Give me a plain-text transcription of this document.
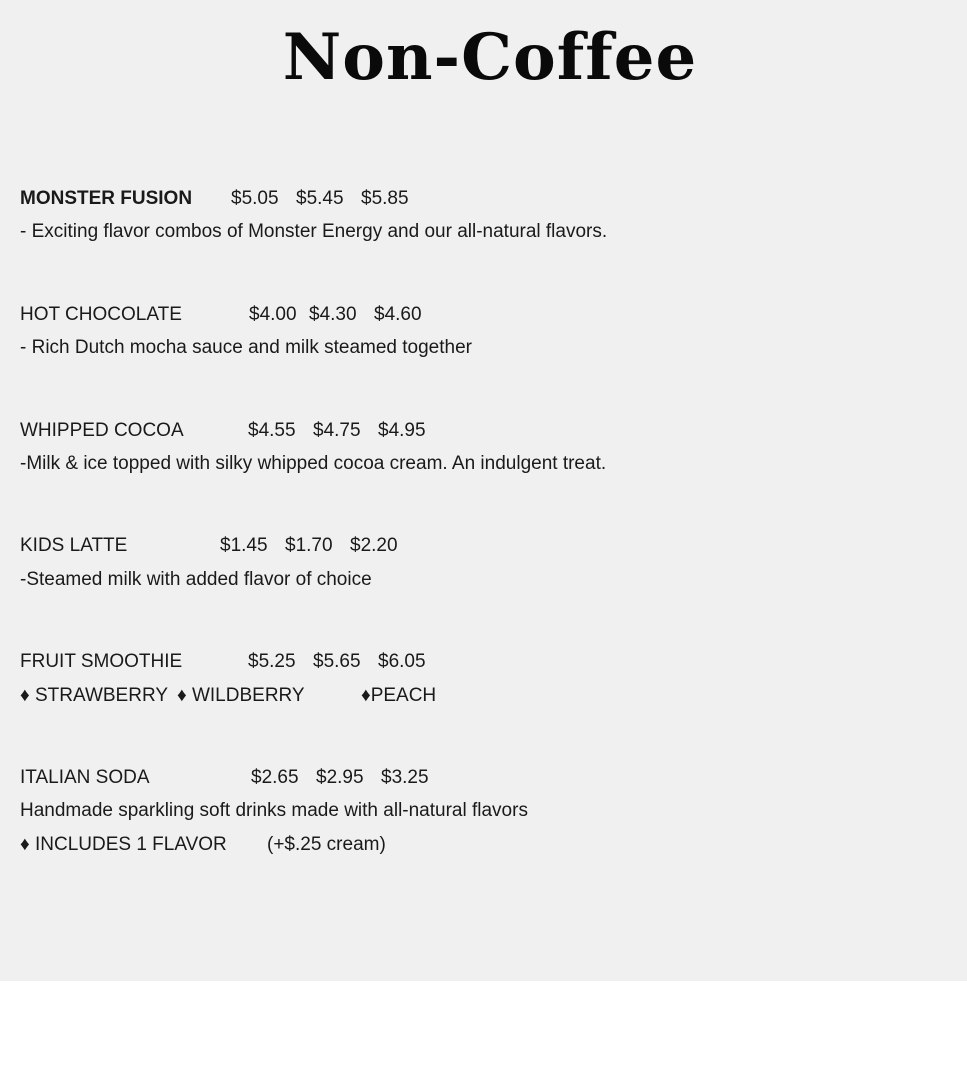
Non-Coffee
MONSTER FUSION $5.05 $5.45 $5.85
- Exciting flavor combos of Monster Energy and our all-natural flavors.
HOT CHOCOLATE	$4.00 $4.30 $4.60
- Rich Dutch mocha sauce and milk steamed together
WHIPPED COCOA	$4.55 $4.75 $4.95
-Milk & ice topped with silky whipped cocoa cream. An indulgent treat.
KIDS LATTE	$1.45 $1.70 $2.20
-Steamed milk with added flavor of choice
FRUIT SMOOTHIE	$5.25 $5.65 $6.05
♦ STRAWBERRY ♦ WILDBERRY	♦PEACH
ITALIAN SODA	$2.65 $2.95 $3.25
Handmade sparkling soft drinks made with all-natural flavors
♦ INCLUDES 1 FLAVOR (+$.25 cream)
